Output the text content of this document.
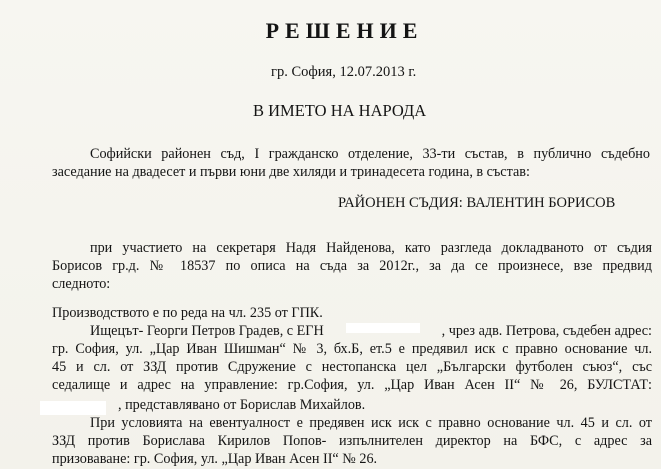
РЕШЕНИЕ
гр. София, 12.07.2013 г.
В ИМЕТО НА НАРОДА
Софийски районен съд, I гражданско отделение, 33-ти състав, в публично съдебно
заседание на двадесет и първи юни две хиляди и тринадесета година, в състав:
РАЙОНЕН СЪДИЯ: ВАЛЕНТИН БОРИСОВ
при участието на секретаря Надя Найденова, като разгледа докладваното от съдия
Борисов гр.д. № 18537 по описа на съда за 2012г., за да се произнесе, взе предвид
следното:
Производството е по реда на чл. 235 от ГПК.
Ищецът- Георги Петров Градев, с ЕГН	, чрез адв. Петрова, съдебен адрес:
гр. София, ул. „Цар Иван Шишман“ № 3, бх.Б, ет.5 е предявил иск с правно основание чл.
45 и сл. от ЗЗД против Сдружение с нестопанска цел „Български футболен съюз“, със
седалище и адрес на управление: гр.София, ул. „Цар Иван Асен II“ № 26, БУЛСТАТ:
, представлявано от Борислав Михайлов.
При условията на евентуалност е предявен иск иск с правно основание чл. 45 и сл. от
ЗЗД против Борислава Кирилов Попов- изпълнителен директор на БФС, с адрес за
призоваване: гр. София, ул. „Цар Иван Асен II“ № 26.
